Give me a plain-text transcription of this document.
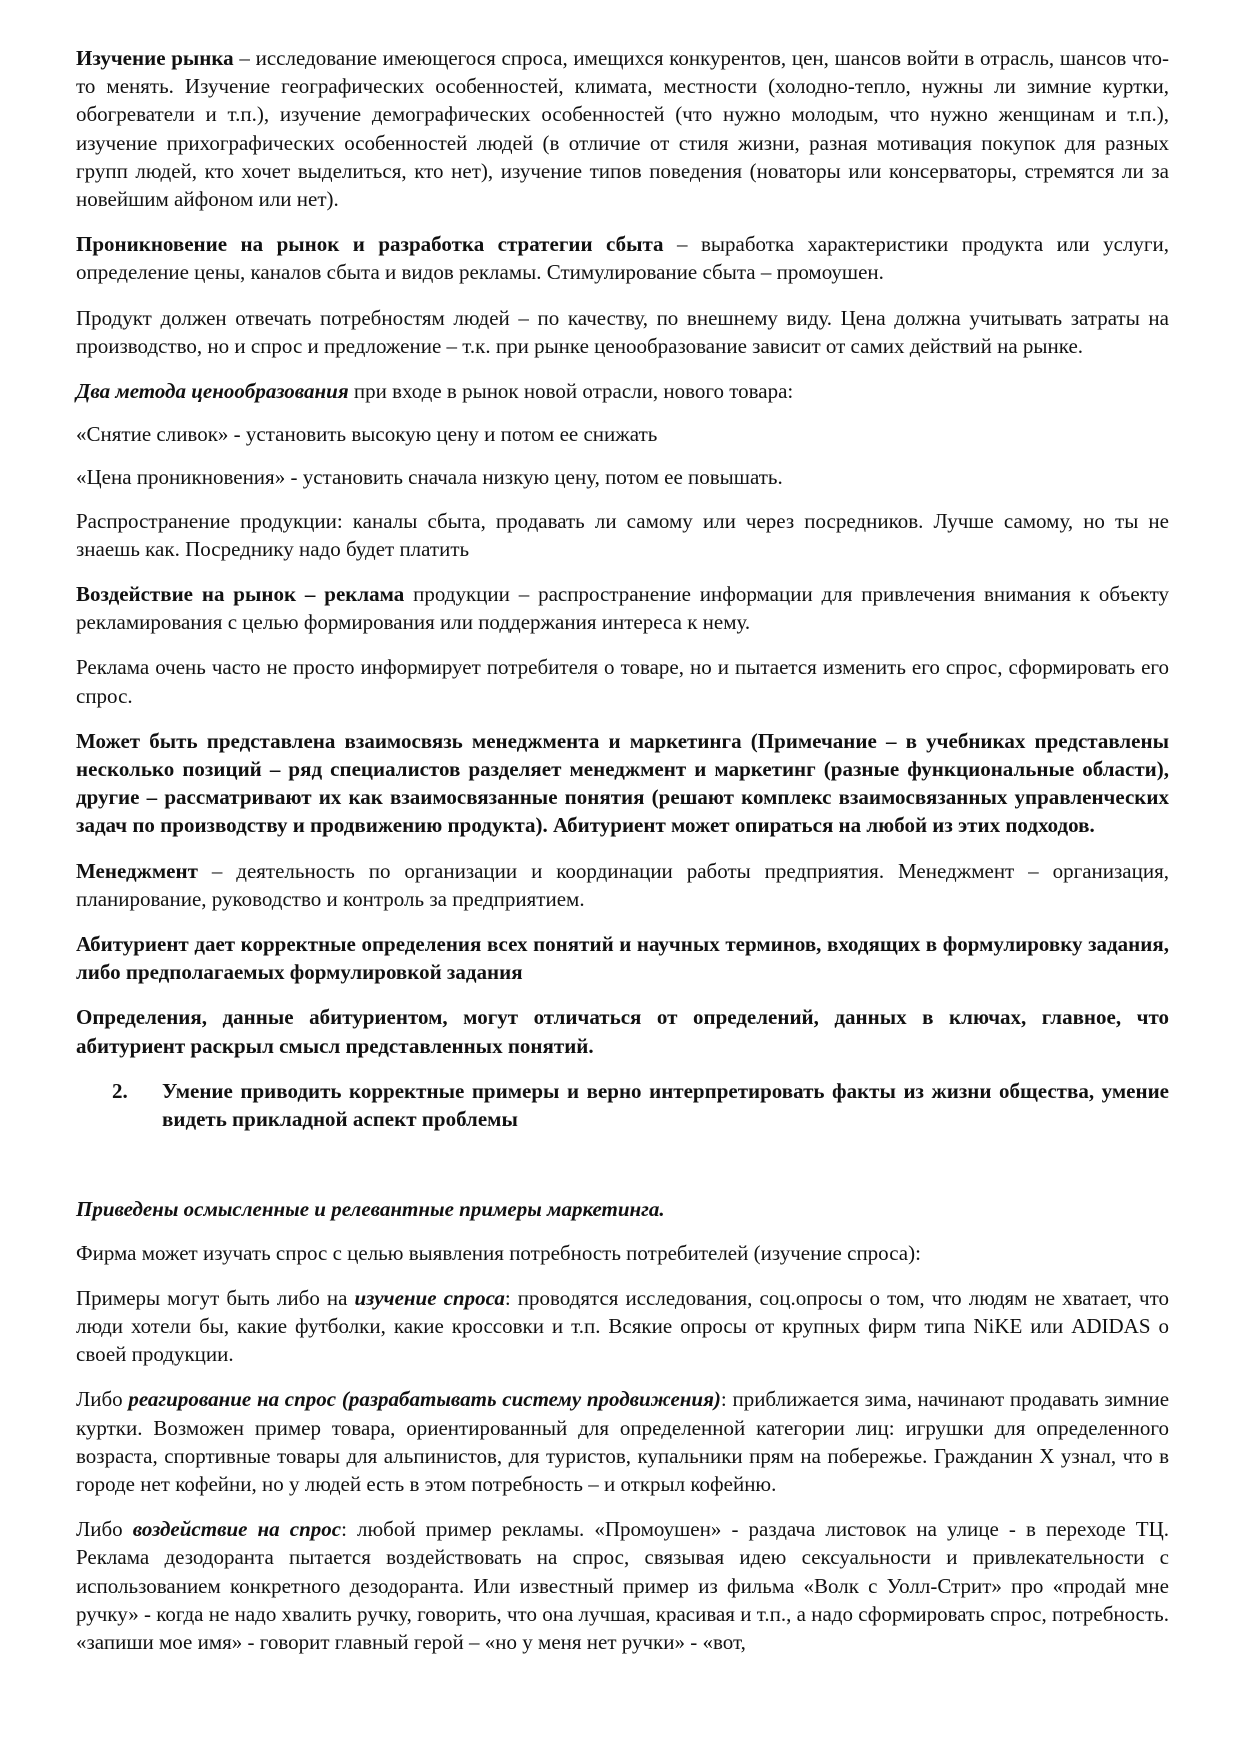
Изучение рынка – исследование имеющегося спроса, имещихся конкурентов, цен, шансов войти в отрасль, шансов что-то менять. Изучение географических особенностей, климата, местности (холодно-тепло, нужны ли зимние куртки, обогреватели и т.п.), изучение демографических особенностей (что нужно молодым, что нужно женщинам и т.п.), изучение прихографических особенностей людей (в отличие от стиля жизни, разная мотивация покупок для разных групп людей, кто хочет выделиться, кто нет), изучение типов поведения (новаторы или консерваторы, стремятся ли за новейшим айфоном или нет).

Проникновение на рынок и разработка стратегии сбыта – выработка характеристики продукта или услуги, определение цены, каналов сбыта и видов рекламы. Стимулирование сбыта – промоушен.

Продукт должен отвечать потребностям людей – по качеству, по внешнему виду. Цена должна учитывать затраты на производство, но и спрос и предложение – т.к. при рынке ценообразование зависит от самих действий на рынке.

Два метода ценообразования при входе в рынок новой отрасли, нового товара:

«Снятие сливок» - установить высокую цену и потом ее снижать

«Цена проникновения» - установить сначала низкую цену, потом ее повышать.

Распространение продукции: каналы сбыта, продавать ли самому или через посредников. Лучше самому, но ты не знаешь как. Посреднику надо будет платить

Воздействие на рынок – реклама продукции – распространение информации для привлечения внимания к объекту рекламирования с целью формирования или поддержания интереса к нему.

Реклама очень часто не просто информирует потребителя о товаре, но и пытается изменить его спрос, сформировать его спрос.

Может быть представлена взаимосвязь менеджмента и маркетинга (Примечание – в учебниках представлены несколько позиций – ряд специалистов разделяет менеджмент и маркетинг (разные функциональные области), другие – рассматривают их как взаимосвязанные понятия (решают комплекс взаимосвязанных управленческих задач по производству и продвижению продукта). Абитуриент может опираться на любой из этих подходов.

Менеджмент – деятельность по организации и координации работы предприятия. Менеджмент – организация, планирование, руководство и контроль за предприятием.

Абитуриент дает корректные определения всех понятий и научных терминов, входящих в формулировку задания, либо предполагаемых формулировкой задания

Определения, данные абитуриентом, могут отличаться от определений, данных в ключах, главное, что абитуриент раскрыл смысл представленных понятий.

2.	Умение приводить корректные примеры и верно интерпретировать факты из жизни общества, умение видеть прикладной аспект проблемы

Приведены осмысленные и релевантные примеры маркетинга.

Фирма может изучать спрос с целью выявления потребность потребителей (изучение спроса):

Примеры могут быть либо на изучение спроса: проводятся исследования, соц.опросы о том, что людям не хватает, что люди хотели бы, какие футболки, какие кроссовки и т.п. Всякие опросы от крупных фирм типа NiKE или ADIDAS о своей продукции.

Либо реагирование на спрос (разрабатывать систему продвижения): приближается зима, начинают продавать зимние куртки. Возможен пример товара, ориентированный для определенной категории лиц: игрушки для определенного возраста, спортивные товары для альпинистов, для туристов, купальники прям на побережье. Гражданин X узнал, что в городе нет кофейни, но у людей есть в этом потребность – и открыл кофейню.

Либо воздействие на спрос: любой пример рекламы. «Промоушен» - раздача листовок на улице - в переходе ТЦ. Реклама дезодоранта пытается воздействовать на спрос, связывая идею сексуальности и привлекательности с использованием конкретного дезодоранта. Или известный пример из фильма «Волк с Уолл-Стрит» про «продай мне ручку» - когда не надо хвалить ручку, говорить, что она лучшая, красивая и т.п., а надо сформировать спрос, потребность. «запиши мое имя» - говорит главный герой – «но у меня нет ручки» - «вот,
